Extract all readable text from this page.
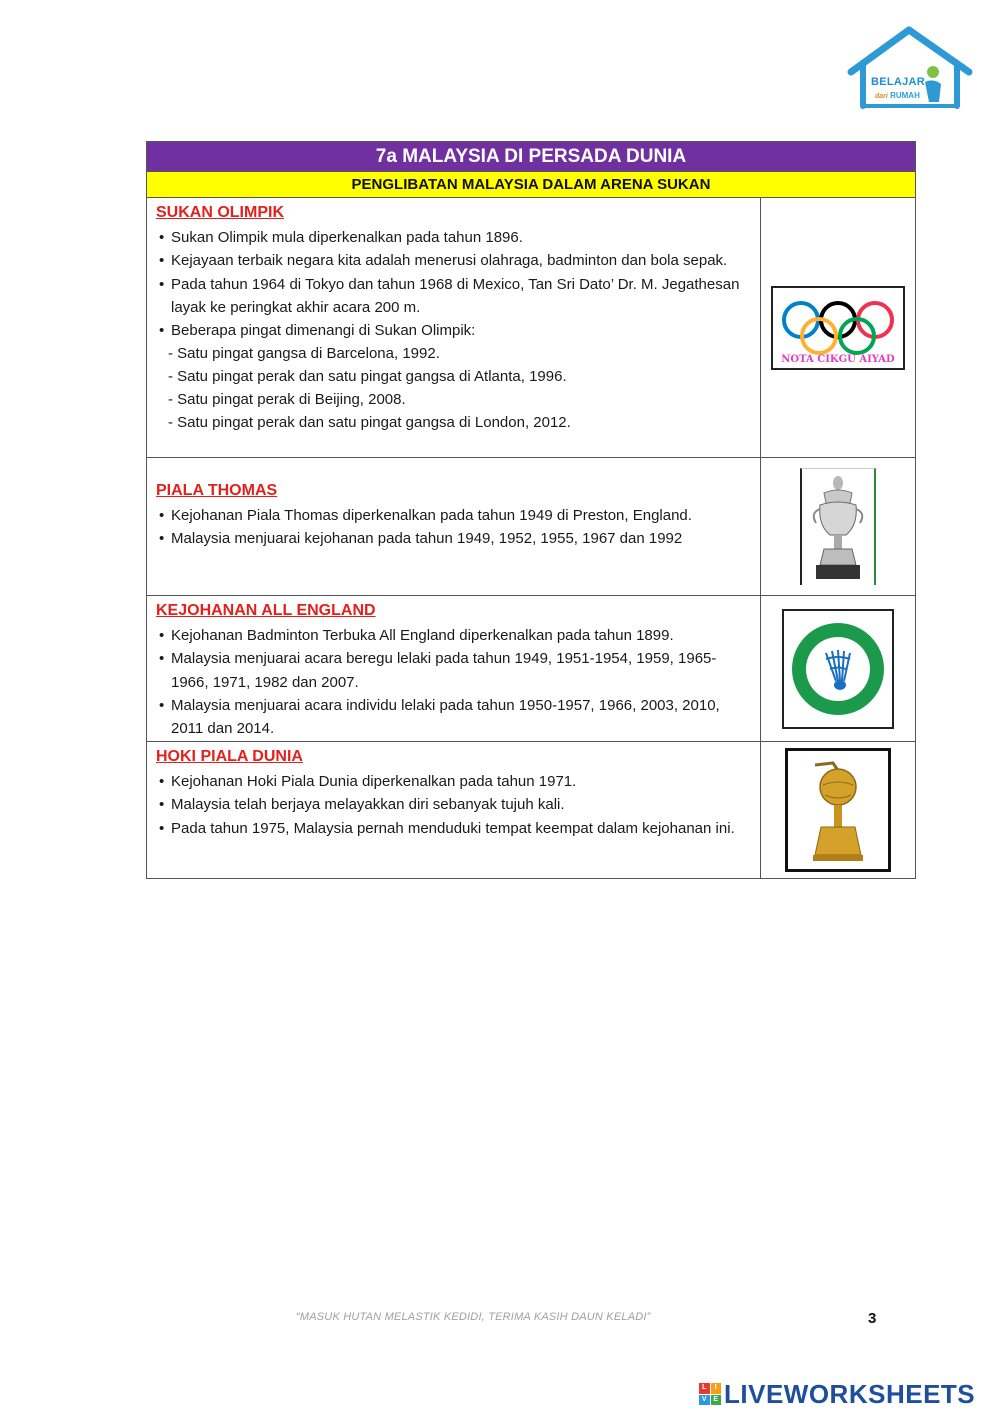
BELAJAR
dari RUMAH
7a MALAYSIA DI PERSADA DUNIA
PENGLIBATAN MALAYSIA DALAM ARENA SUKAN
SUKAN OLIMPIK
• Sukan Olimpik mula diperkenalkan pada tahun 1896.
• Kejayaan terbaik negara kita adalah menerusi olahraga, badminton dan bola sepak.
• Pada tahun 1964 di Tokyo dan tahun 1968 di Mexico, Tan Sri Dato’ Dr. M. Jegathesan layak ke peringkat akhir acara 200 m.
• Beberapa pingat dimenangi di Sukan Olimpik:
- Satu pingat gangsa di Barcelona, 1992.
- Satu pingat perak dan satu pingat gangsa di Atlanta, 1996.
- Satu pingat perak di Beijing, 2008.
- Satu pingat perak dan satu pingat gangsa di London, 2012.
NOTA CIKGU AIYAD
PIALA THOMAS
• Kejohanan Piala Thomas diperkenalkan pada tahun 1949 di Preston, England.
• Malaysia menjuarai kejohanan pada tahun 1949, 1952, 1955, 1967 dan 1992
KEJOHANAN ALL ENGLAND
• Kejohanan Badminton Terbuka All England diperkenalkan pada tahun 1899.
• Malaysia menjuarai acara beregu lelaki pada tahun 1949, 1951-1954, 1959, 1965-1966, 1971, 1982 dan 2007.
• Malaysia menjuarai acara individu lelaki pada tahun 1950-1957, 1966, 2003, 2010, 2011 dan 2014.
HOKI PIALA DUNIA
• Kejohanan Hoki Piala Dunia diperkenalkan pada tahun 1971.
• Malaysia telah berjaya melayakkan diri sebanyak tujuh kali.
• Pada tahun 1975, Malaysia pernah menduduki tempat keempat dalam kejohanan ini.
“MASUK HUTAN MELASTIK KEDIDI, TERIMA KASIH DAUN KELADI”	3
L	I
V E LIVEWORKSHEETS
